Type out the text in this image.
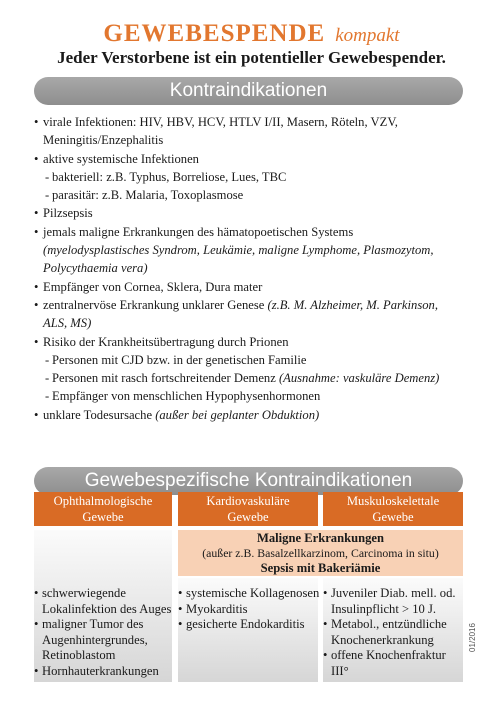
GEWEBESPENDE kompakt
Jeder Verstorbene ist ein potentieller Gewebespender.
Kontraindikationen
• virale Infektionen: HIV, HBV, HCV, HTLV I/II, Masern, Röteln, VZV,
Meningitis/Enzephalitis
• aktive systemische Infektionen
- bakteriell: z.B. Typhus, Borreliose, Lues, TBC
- parasitär: z.B. Malaria, Toxoplasmose
• Pilzsepsis
• jemals maligne Erkrankungen des hämatopoetischen Systems
(myelodysplastisches Syndrom, Leukämie, maligne Lymphome, Plasmozytom,
Polycythaemia vera)
• Empfänger von Cornea, Sklera, Dura mater
• zentralnervöse Erkrankung unklarer Genese (z.B. M. Alzheimer, M. Parkinson,
ALS, MS)
• Risiko der Krankheitsübertragung durch Prionen
- Personen mit CJD bzw. in der genetischen Familie
- Personen mit rasch fortschreitender Demenz (Ausnahme: vaskuläre Demenz)
- Empfänger von menschlichen Hypophysenhormonen
• unklare Todesursache (außer bei geplanter Obduktion)
Gewebespezifische Kontraindikationen
Ophthalmologische
Gewebe
Kardiovaskuläre
Gewebe
Muskuloskelettale
Gewebe
Maligne Erkrankungen
(außer z.B. Basalzellkarzinom, Carcinoma in situ)
Sepsis mit Bakeriämie
• schwerwiegende
Lokalinfektion des Auges
• maligner Tumor des
Augenhintergrundes,
Retinoblastom
• Hornhauterkrankungen
• systemische Kollagenosen
• Myokarditis
• gesicherte Endokarditis
• Juveniler Diab. mell. od.
Insulinpflicht > 10 J.
• Metabol., entzündliche
Knochenerkrankung
• offene Knochenfraktur
III°
01/2016
